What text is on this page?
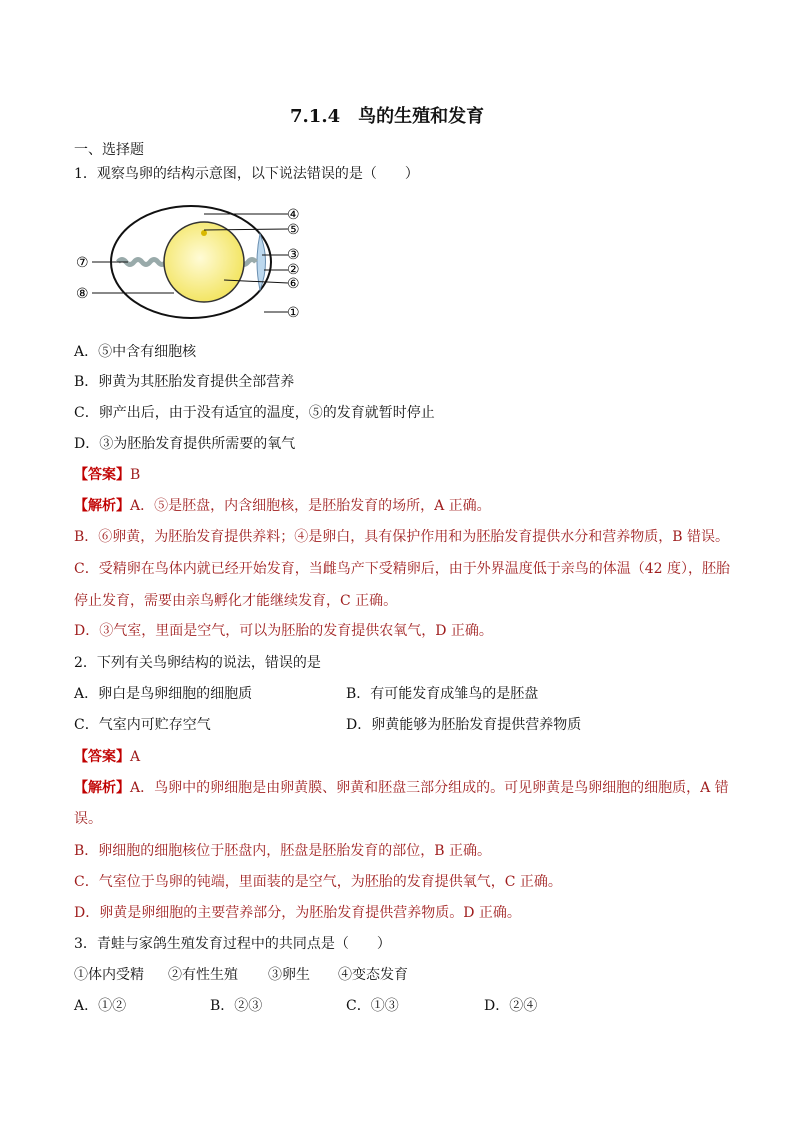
7.1.4　鸟的生殖和发育
一、选择题
1．观察鸟卵的结构示意图，以下说法错误的是（　　）
④
⑤
③
②
⑥
①
⑦
⑧
A．⑤中含有细胞核
B．卵黄为其胚胎发育提供全部营养
C．卵产出后，由于没有适宜的温度，⑤的发育就暂时停止
D．③为胚胎发育提供所需要的氧气
【答案】B
【解析】A．⑤是胚盘，内含细胞核，是胚胎发育的场所，A 正确。
B．⑥卵黄，为胚胎发育提供养料；④是卵白，具有保护作用和为胚胎发育提供水分和营养物质，B 错误。
C．受精卵在鸟体内就已经开始发育，当雌鸟产下受精卵后，由于外界温度低于亲鸟的体温（42 度），胚胎
停止发育，需要由亲鸟孵化才能继续发育，C 正确。
D．③气室，里面是空气，可以为胚胎的发育提供农氧气，D 正确。
2．下列有关鸟卵结构的说法，错误的是
A．卵白是鸟卵细胞的细胞质	B．有可能发育成雏鸟的是胚盘
C．气室内可贮存空气	D．卵黄能够为胚胎发育提供营养物质
【答案】A
【解析】A．鸟卵中的卵细胞是由卵黄膜、卵黄和胚盘三部分组成的。可见卵黄是鸟卵细胞的细胞质，A 错
误。
B．卵细胞的细胞核位于胚盘内，胚盘是胚胎发育的部位，B 正确。
C．气室位于鸟卵的钝端，里面装的是空气，为胚胎的发育提供氧气，C 正确。
D．卵黄是卵细胞的主要营养部分，为胚胎发育提供营养物质。D 正确。
3．青蛙与家鸽生殖发育过程中的共同点是（　　）
①体内受精 ②有性生殖 ③卵生 ④变态发育
A．①②	B．②③	C．①③	D．②④
